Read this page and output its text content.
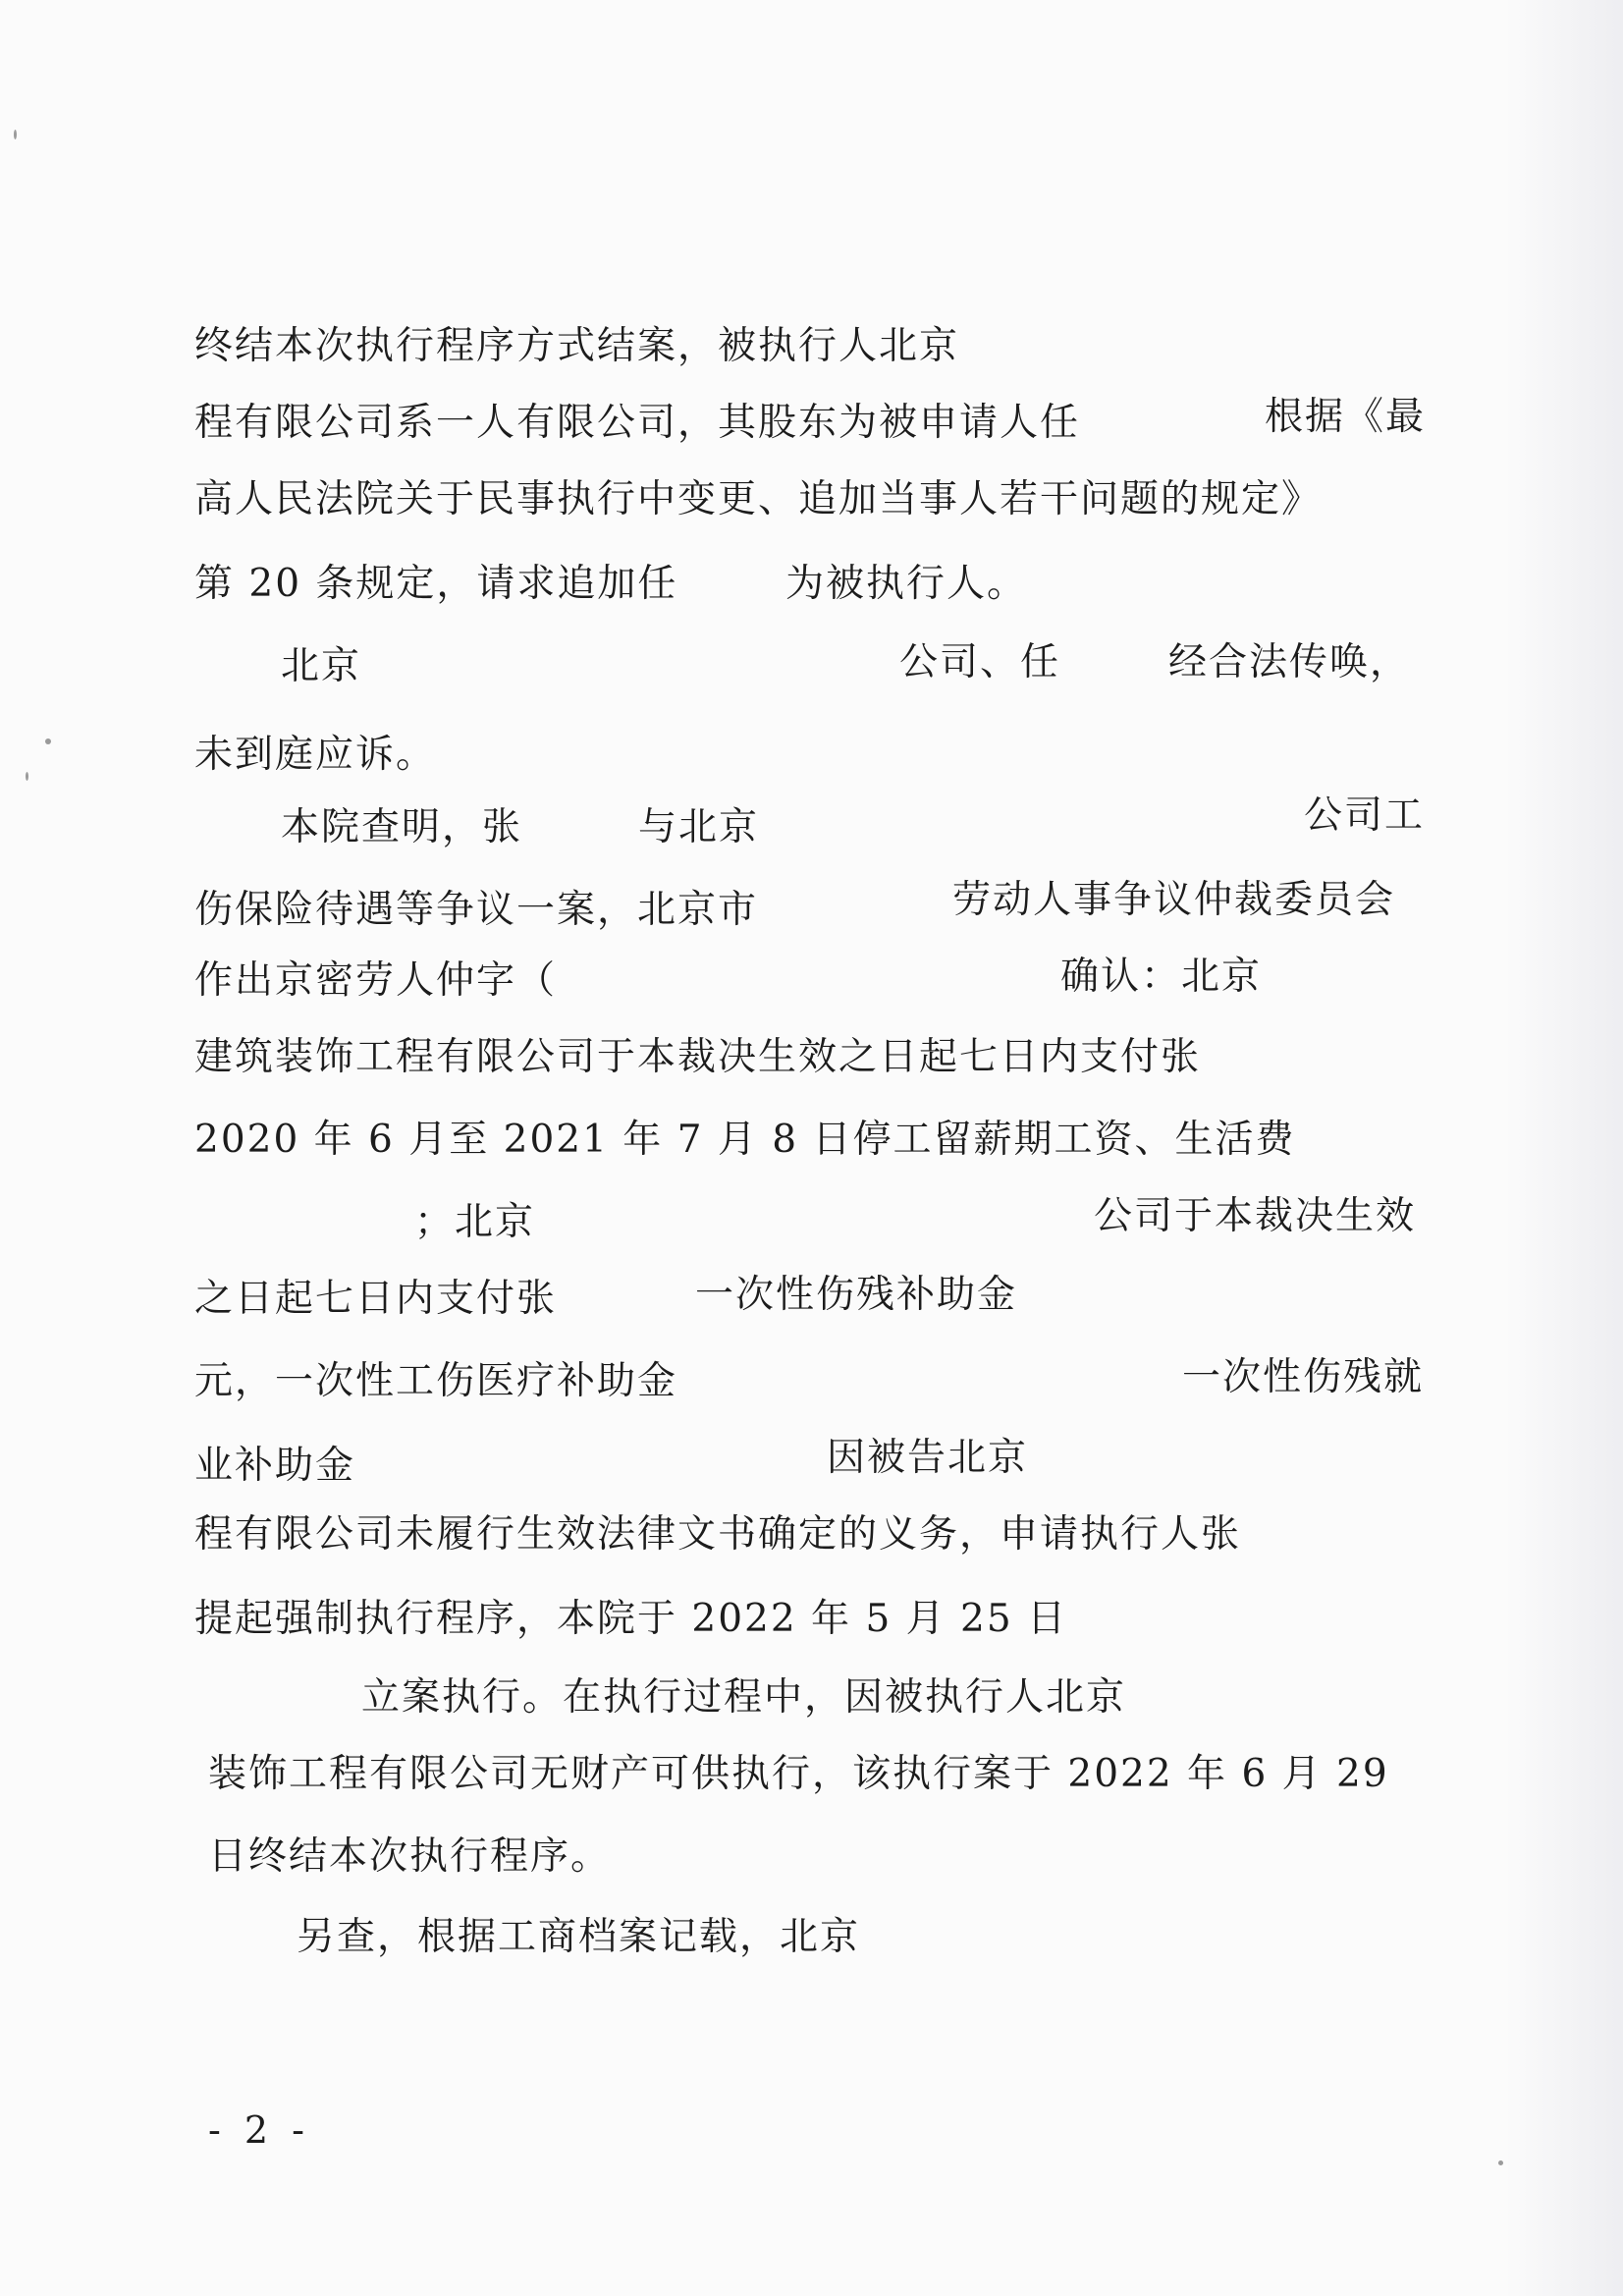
终结本次执行程序方式结案，被执行人北京

程有限公司系一人有限公司，其股东为被申请人任	根据《最

高人民法院关于民事执行中变更、追加当事人若干问题的规定》

第 20 条规定，请求追加任	为被执行人。

北京	公司、任	经合法传唤，

未到庭应诉。

本院查明，张	与北京	公司工

伤保险待遇等争议一案，北京市	劳动人事争议仲裁委员会

作出京密劳人仲字（	确认：北京

建筑装饰工程有限公司于本裁决生效之日起七日内支付张

2020 年 6 月至 2021 年 7 月 8 日停工留薪期工资、生活费

；北京	公司于本裁决生效

之日起七日内支付张	一次性伤残补助金

元，一次性工伤医疗补助金	一次性伤残就

业补助金	因被告北京

程有限公司未履行生效法律文书确定的义务，申请执行人张

提起强制执行程序，本院于 2022 年 5 月 25 日

立案执行。在执行过程中，因被执行人北京

装饰工程有限公司无财产可供执行，该执行案于 2022 年 6 月 29

日终结本次执行程序。

另查，根据工商档案记载，北京

- 2 -
